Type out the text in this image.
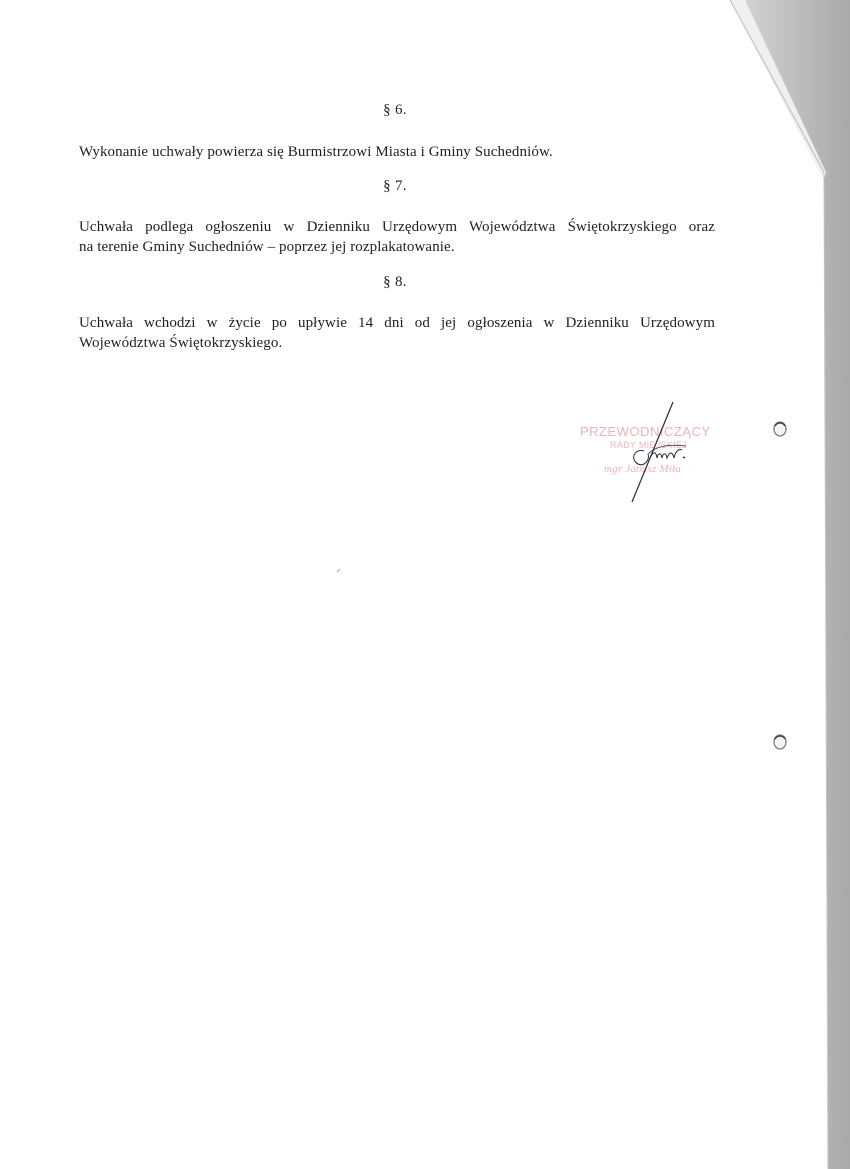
§ 6.
Wykonanie uchwały powierza się Burmistrzowi Miasta i Gminy Suchedniów.
§ 7.
Uchwała podlega ogłoszeniu w Dzienniku Urzędowym Województwa Świętokrzyskiego oraz
na terenie Gminy Suchedniów – poprzez jej rozplakatowanie.
§ 8.
Uchwała wchodzi w życie po upływie 14 dni od jej ogłoszenia w Dzienniku Urzędowym
Województwa Świętokrzyskiego.
PRZEWODNICZĄCY
RADY MIEJSKIEJ
mgr Janusz Miła
